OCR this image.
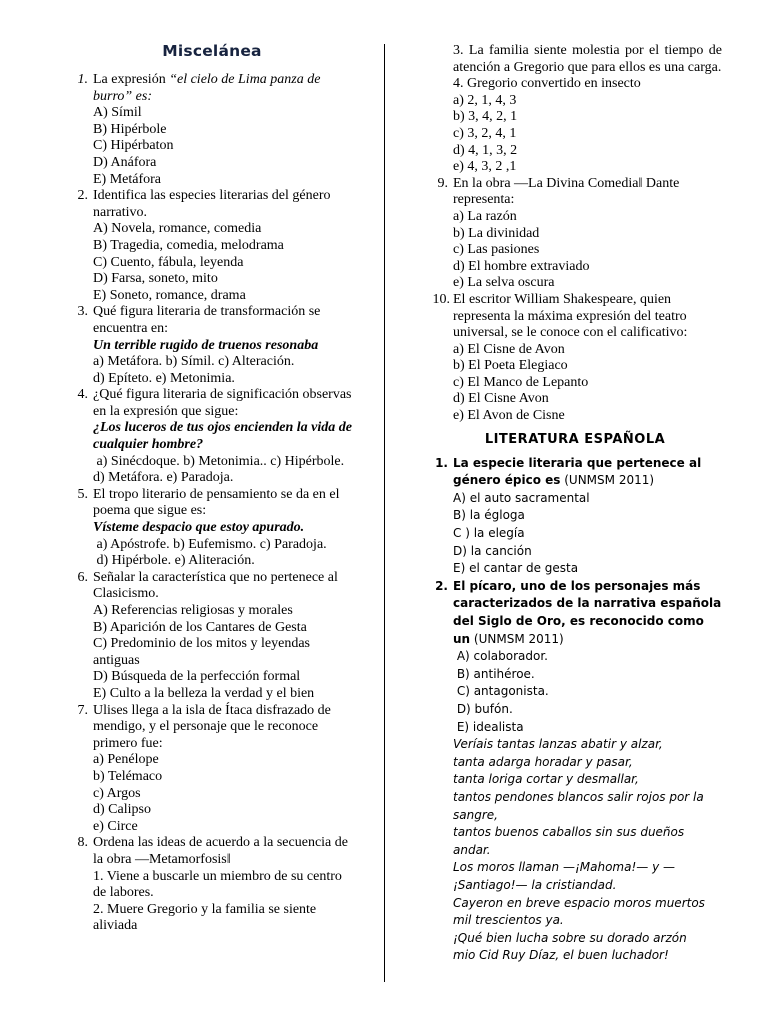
Miscelánea
1. La expresión “el cielo de Lima panza de burro” es:
A) Símil
B) Hipérbole
C) Hipérbaton
D) Anáfora
E) Metáfora
2. Identifica las especies literarias del género narrativo.
A) Novela, romance, comedia
B) Tragedia, comedia, melodrama
C) Cuento, fábula, leyenda
D) Farsa, soneto, mito
E) Soneto, romance, drama
3. Qué figura literaria de transformación se encuentra en:
Un terrible rugido de truenos resonaba
a) Metáfora. b) Símil. c) Alteración.
d) Epíteto. e) Metonimia.
4. ¿Qué figura literaria de significación observas en la expresión que sigue:
¿Los luceros de tus ojos encienden la vida de cualquier hombre?
a) Sinécdoque. b) Metonimia.. c) Hipérbole.
d) Metáfora. e) Paradoja.
5. El tropo literario de pensamiento se da en el poema que sigue es:
Vísteme despacio que estoy apurado.
a) Apóstrofe. b) Eufemismo. c) Paradoja.
d) Hipérbole. e) Aliteración.
6. Señalar la característica que no pertenece al Clasicismo.
A) Referencias religiosas y morales
B) Aparición de los Cantares de Gesta
C) Predominio de los mitos y leyendas antiguas
D) Búsqueda de la perfección formal
E) Culto a la belleza la verdad y el bien
7. Ulises llega a la isla de Ítaca disfrazado de mendigo, y el personaje que le reconoce primero fue:
a) Penélope
b) Telémaco
c) Argos
d) Calipso
e) Circe
8. Ordena las ideas de acuerdo a la secuencia de la obra ―Metamorfosis‖
1. Viene a buscarle un miembro de su centro de labores.
2. Muere Gregorio y la familia se siente aliviada
3. La familia siente molestia por el tiempo de atención a Gregorio que para ellos es una carga.
4. Gregorio convertido en insecto
a) 2, 1, 4, 3
b) 3, 4, 2, 1
c) 3, 2, 4, 1
d) 4, 1, 3, 2
e) 4, 3, 2 ,1
9. En la obra ―La Divina Comedia‖ Dante representa:
a) La razón
b) La divinidad
c) Las pasiones
d) El hombre extraviado
e) La selva oscura
10. El escritor William Shakespeare, quien representa la máxima expresión del teatro universal, se le conoce con el calificativo:
a) El Cisne de Avon
b) El Poeta Elegiaco
c) El Manco de Lepanto
d) El Cisne Avon
e) El Avon de Cisne
LITERATURA ESPAÑOLA
1. La especie literaria que pertenece al género épico es (UNMSM 2011)
A) el auto sacramental
B) la égloga
C ) la elegía
D) la canción
E) el cantar de gesta
2. El pícaro, uno de los personajes más caracterizados de la narrativa española del Siglo de Oro, es reconocido como un (UNMSM 2011)
A) colaborador.
B) antihéroe.
C) antagonista.
D) bufón.
E) idealista
Veríais tantas lanzas abatir y alzar,
tanta adarga horadar y pasar,
tanta loriga cortar y desmallar,
tantos pendones blancos salir rojos por la sangre,
tantos buenos caballos sin sus dueños andar.
Los moros llaman —¡Mahoma!— y —¡Santiago!— la cristiandad.
Cayeron en breve espacio moros muertos mil trescientos ya.
¡Qué bien lucha sobre su dorado arzón
mio Cid Ruy Díaz, el buen luchador!
